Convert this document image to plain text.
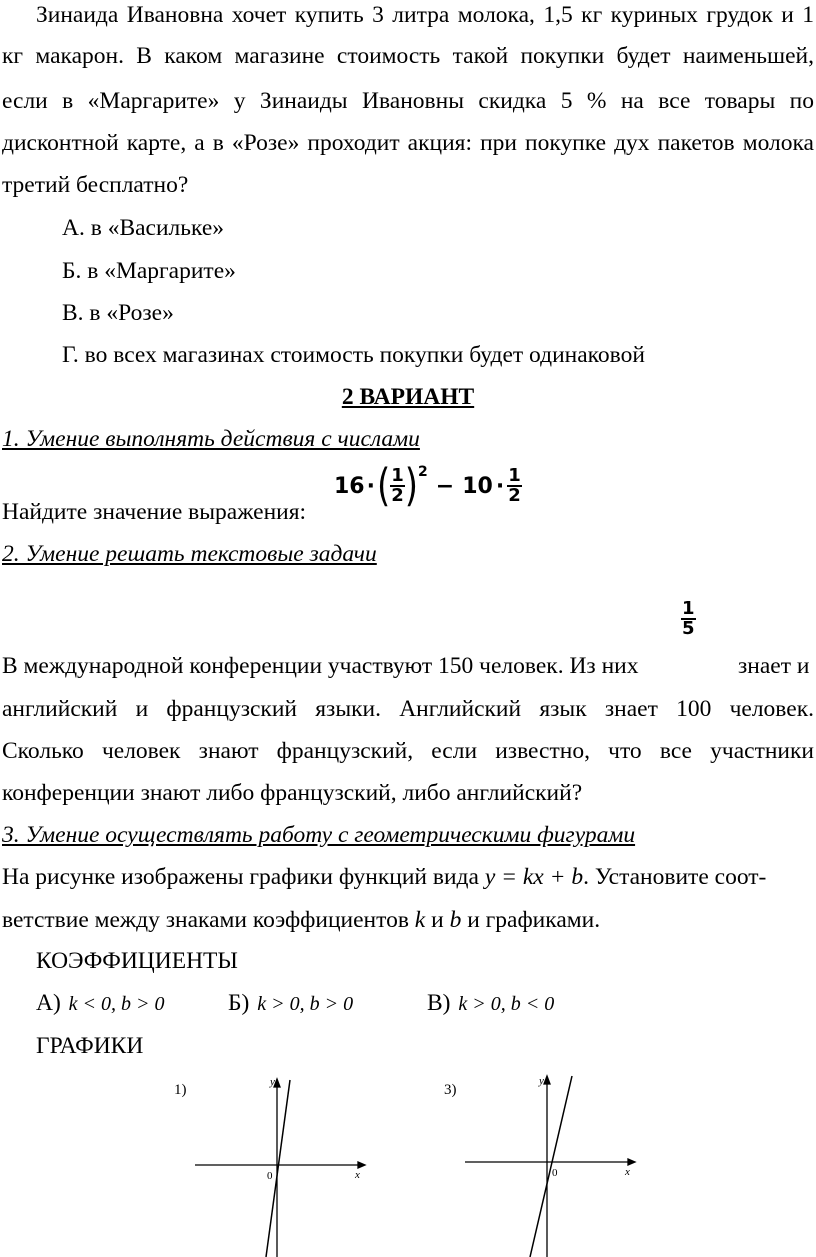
Зинаида Ивановна хочет купить 3 литра молока, 1,5 кг куриных грудок и 1
кг макарон. В каком магазине стоимость такой покупки будет наименьшей,
если в «Маргарите» у Зинаиды Ивановны скидка 5 % на все товары по
дисконтной карте, а в «Розе» проходит акция: при покупке дух пакетов молока
третий бесплатно?
А. в «Васильке»
Б. в «Маргарите»
В. в «Розе»
Г. во всех магазинах стоимость покупки будет одинаковой
2 ВАРИАНТ
1. Умение выполнять действия с числами
Найдите значение выражения:
16 · ( $\frac{1}{2}$ ) 2
− $10 \cdot \frac{1}{2}$
2. Умение решать текстовые задачи
$\frac{1}{5}$
В международной конференции участвуют 150 человек. Из них	знает и
английский и французский языки. Английский язык знает 100 человек.
Сколько человек знают французский, если известно, что все участники
конференции знают либо французский, либо английский?
3. Умение осуществлять работу с геометрическими фигурами
На рисунке изображены графики функций вида y = kx + b. Установите соот-
ветствие между знаками коэффициентов k и b и графиками.
КОЭФФИЦИЕНТЫ
А) k < 0, b > 0	Б) k > 0, b > 0	В) k > 0, b < 0
ГРАФИКИ
1)	y
x
0
3)
y
x
0
